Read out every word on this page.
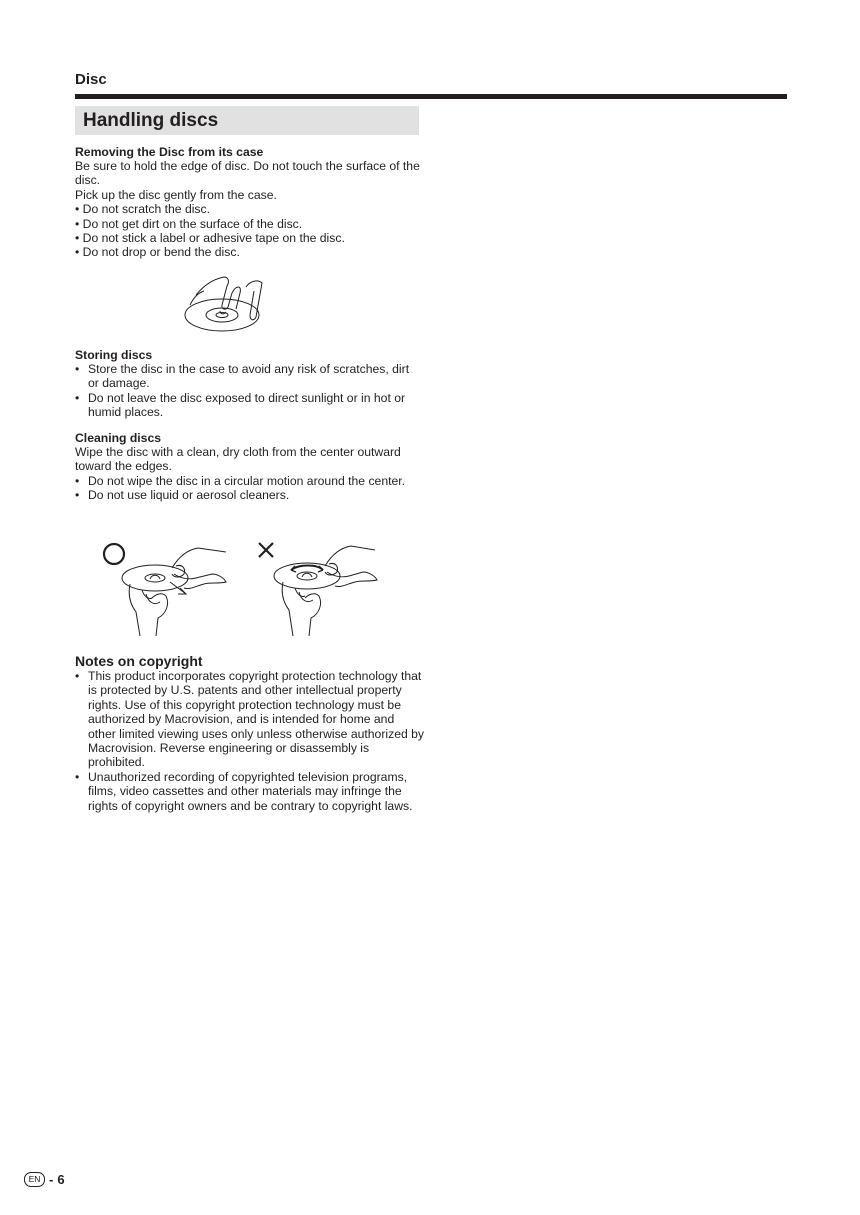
Disc
Handling discs
Removing the Disc from its case

Be sure to hold the edge of disc. Do not touch the surface of the disc.

Pick up the disc gently from the case.

• Do not scratch the disc.
• Do not get dirt on the surface of the disc.
• Do not stick a label or adhesive tape on the disc.
• Do not drop or bend the disc.
Storing discs
• Store the disc in the case to avoid any risk of scratches, dirt or damage.
• Do not leave the disc exposed to direct sunlight or in hot or humid places.
Cleaning discs

Wipe the disc with a clean, dry cloth from the center outward toward the edges.

• Do not wipe the disc in a circular motion around the center.
• Do not use liquid or aerosol cleaners.
Notes on copyright
• This product incorporates copyright protection technology that is protected by U.S. patents and other intellectual property rights. Use of this copyright protection technology must be authorized by Macrovision, and is intended for home and other limited viewing uses only unless otherwise authorized by Macrovision. Reverse engineering or disassembly is prohibited.
• Unauthorized recording of copyrighted television programs, films, video cassettes and other materials may infringe the rights of copyright owners and be contrary to copyright laws.
EN - 6
